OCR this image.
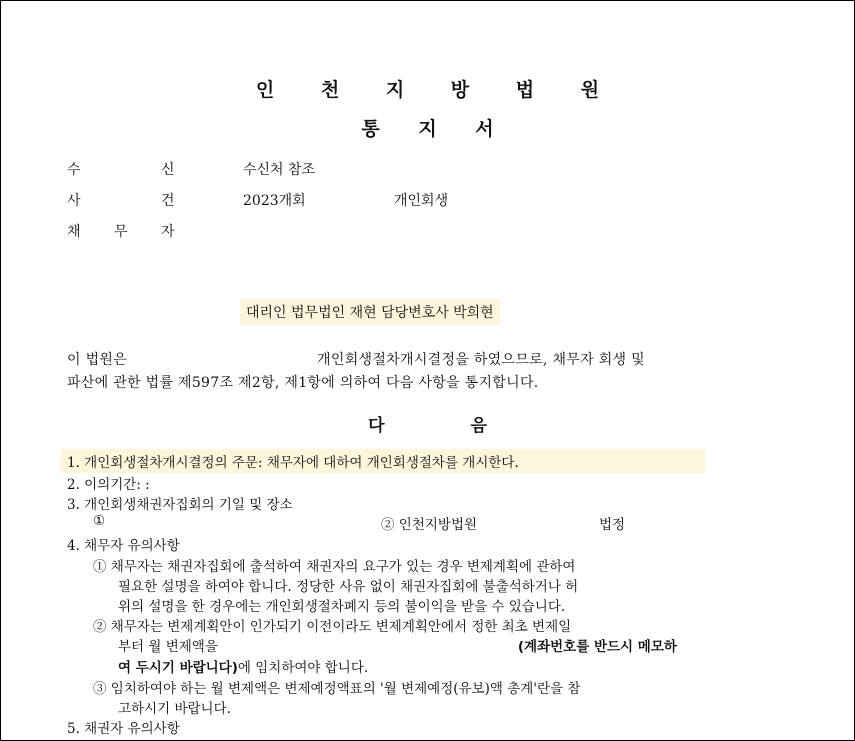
인 천 지 방 법 원
통 지 서
수	신	수신처 참조
사	건	2023개회	개인회생
채 무 자
대리인 법무법인 재현 담당변호사 박희현
이 법원은	개인회생절차개시결정을 하였으므로, 채무자 회생 및
파산에 관한 법률 제597조 제2항, 제1항에 의하여 다음 사항을 통지합니다.
다 음
1. 개인회생절차개시결정의 주문: 채무자에 대하여 개인회생절차를 개시한다.
2. 이의기간: :
3. 개인회생채권자집회의 기일 및 장소
①	② 인천지방법원	법정
4. 채무자 유의사항
① 채무자는 채권자집회에 출석하여 채권자의 요구가 있는 경우 변제계획에 관하여
필요한 설명을 하여야 합니다. 정당한 사유 없이 채권자집회에 불출석하거나 허
위의 설명을 한 경우에는 개인회생절차폐지 등의 불이익을 받을 수 있습니다.
② 채무자는 변제계획안이 인가되기 이전이라도 변제계획안에서 정한 최초 변제일
부터 월 변제액을	(계좌번호를 반드시 메모하
여 두시기 바랍니다)에 임치하여야 합니다.
③ 임치하여야 하는 월 변제액은 변제예정액표의 '월 변제예정(유보)액 총계'란을 참
고하시기 바랍니다.
5. 채권자 유의사항
